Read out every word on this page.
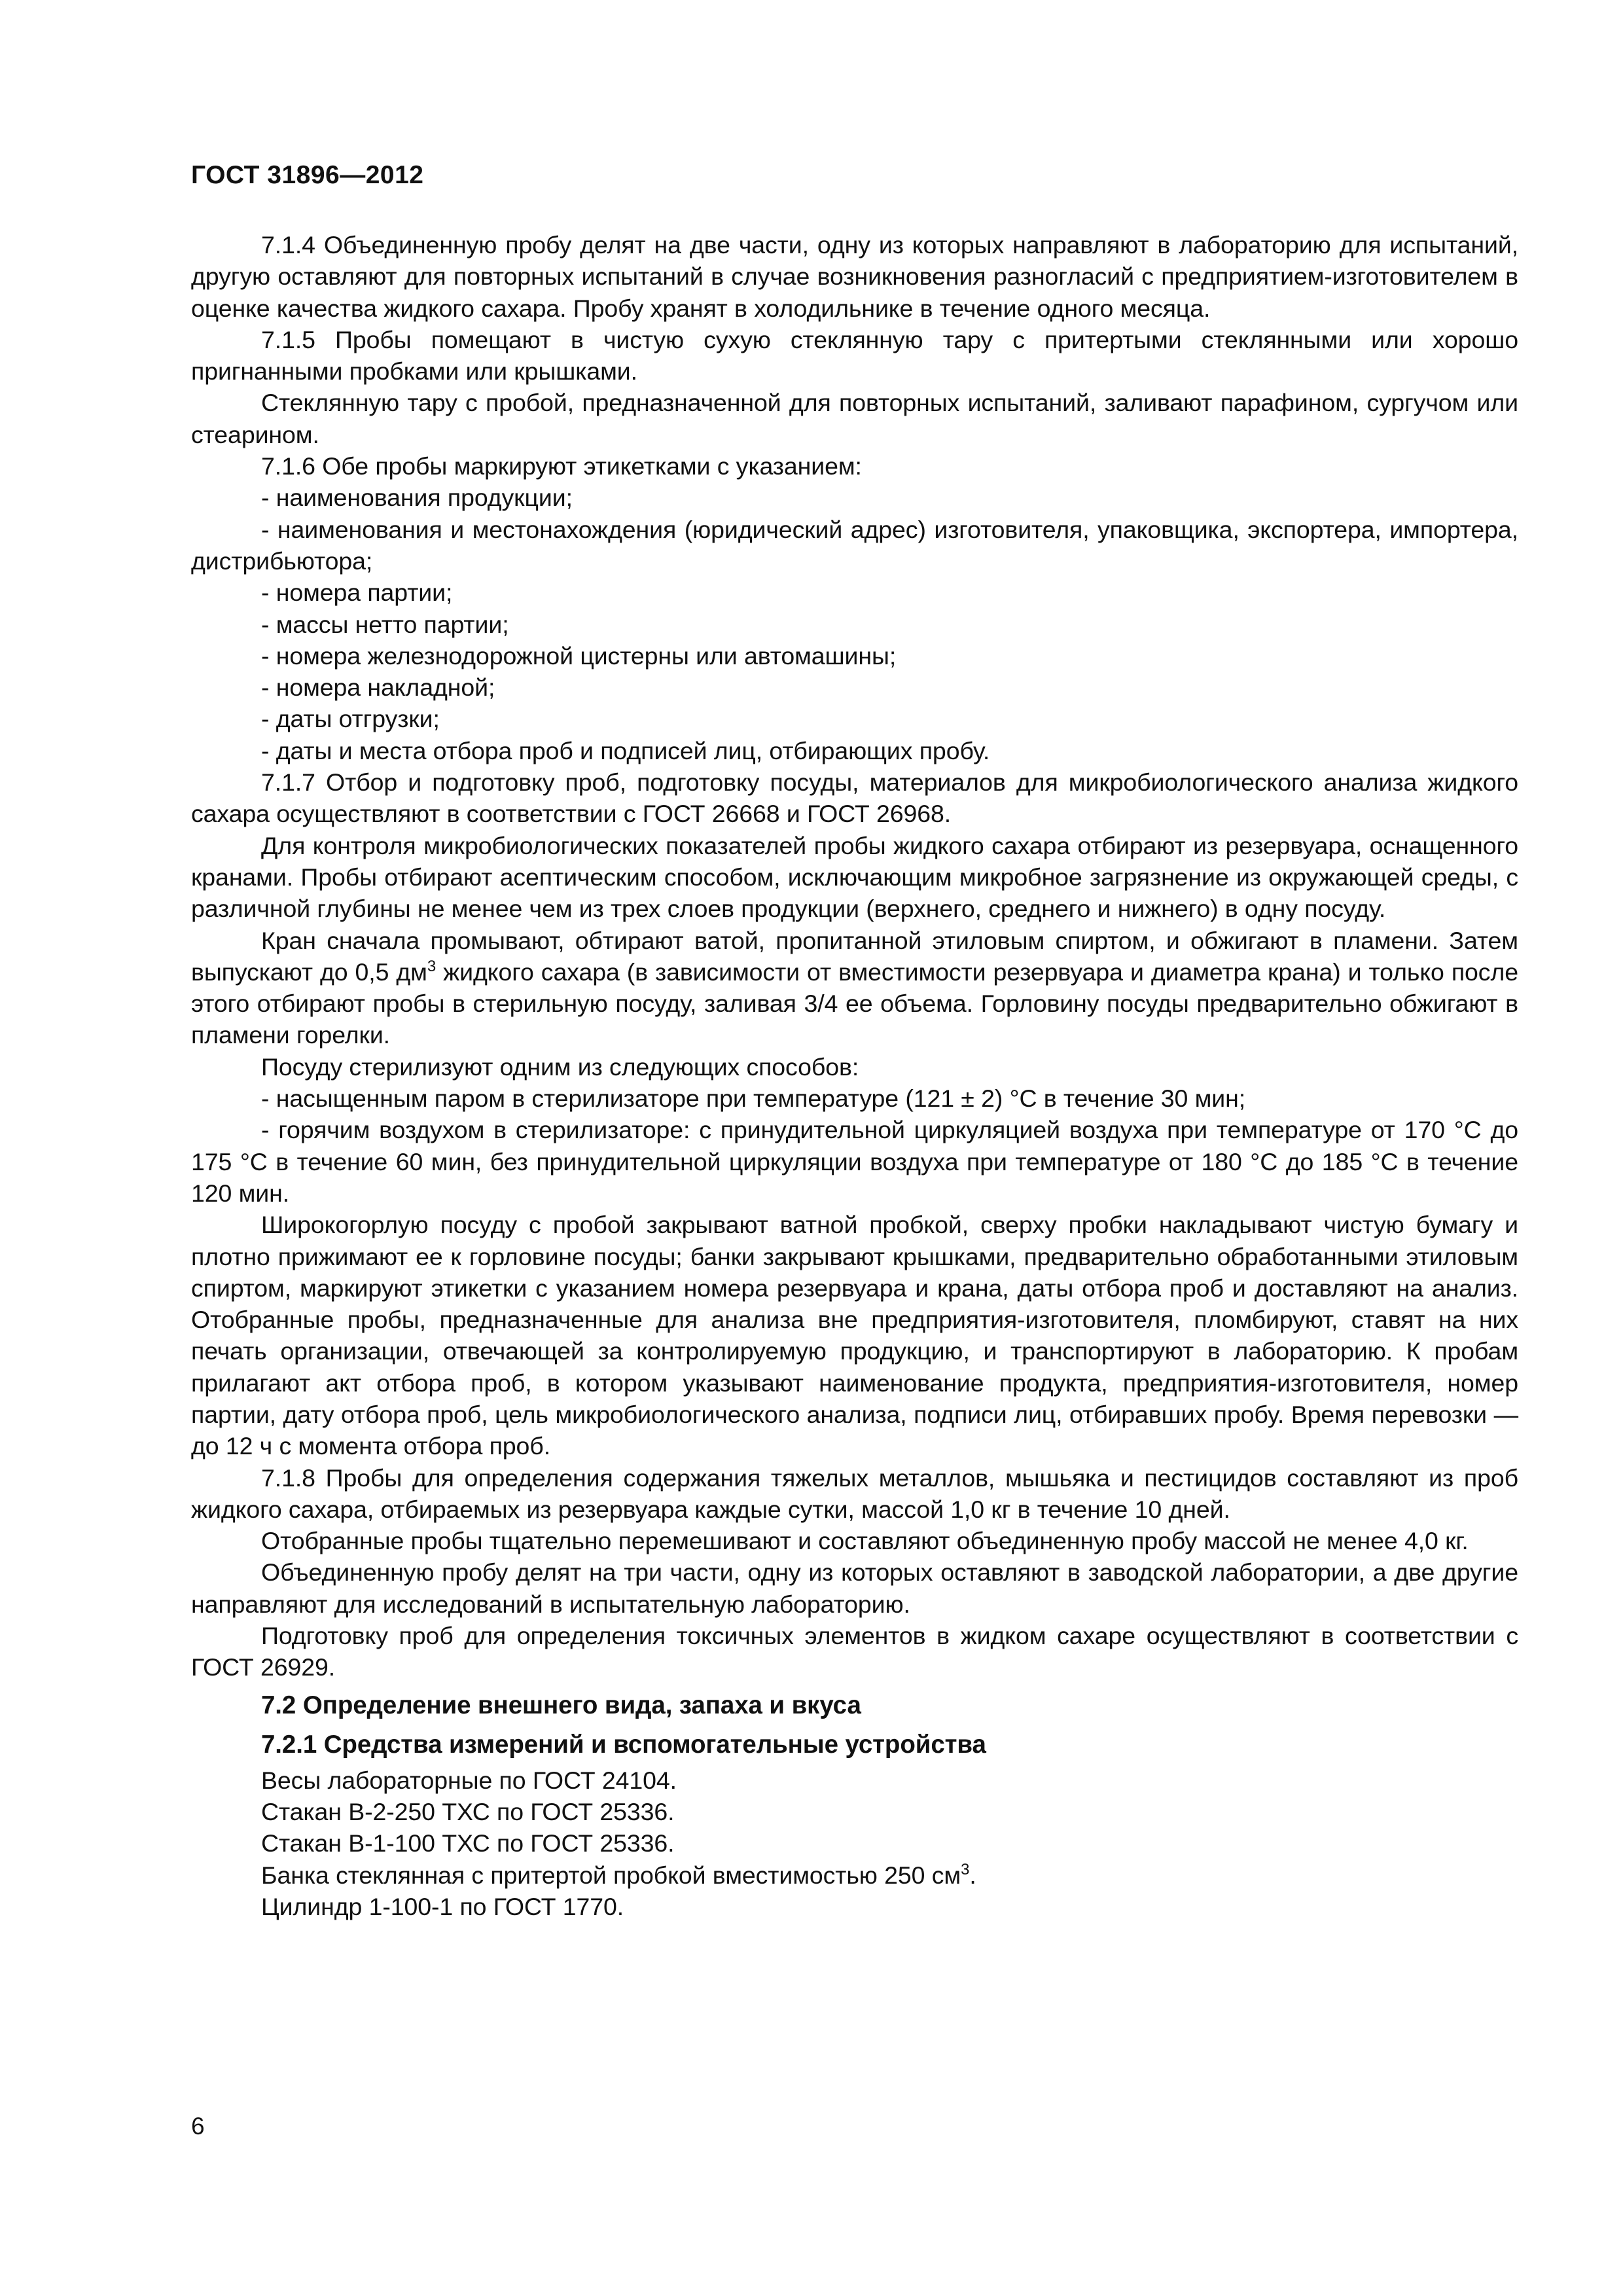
ГОСТ 31896—2012

7.1.4 Объединенную пробу делят на две части, одну из которых направляют в лабораторию для испытаний, другую оставляют для повторных испытаний в случае возникновения разногласий с предприятием-изготовителем в оценке качества жидкого сахара. Пробу хранят в холодильнике в течение одного месяца.

7.1.5 Пробы помещают в чистую сухую стеклянную тару с притертыми стеклянными или хорошо пригнанными пробками или крышками.

Стеклянную тару с пробой, предназначенной для повторных испытаний, заливают парафином, сургучом или стеарином.

7.1.6 Обе пробы маркируют этикетками с указанием:

- наименования продукции;

- наименования и местонахождения (юридический адрес) изготовителя, упаковщика, экспортера, импортера, дистрибьютора;

- номера партии;

- массы нетто партии;

- номера железнодорожной цистерны или автомашины;

- номера накладной;

- даты отгрузки;

- даты и места отбора проб и подписей лиц, отбирающих пробу.

7.1.7 Отбор и подготовку проб, подготовку посуды, материалов для микробиологического анализа жидкого сахара осуществляют в соответствии с ГОСТ 26668 и ГОСТ 26968.

Для контроля микробиологических показателей пробы жидкого сахара отбирают из резервуара, оснащенного кранами. Пробы отбирают асептическим способом, исключающим микробное загрязнение из окружающей среды, с различной глубины не менее чем из трех слоев продукции (верхнего, среднего и нижнего) в одну посуду.

Кран сначала промывают, обтирают ватой, пропитанной этиловым спиртом, и обжигают в пламени. Затем выпускают до 0,5 $дм^3$ жидкого сахара (в зависимости от вместимости резервуара и диаметра крана) и только после этого отбирают пробы в стерильную посуду, заливая 3/4 ее объема. Горловину посуды предварительно обжигают в пламени горелки.

Посуду стерилизуют одним из следующих способов:

- насыщенным паром в стерилизаторе при температуре (121 ± 2) °С в течение 30 мин;

- горячим воздухом в стерилизаторе: с принудительной циркуляцией воздуха при температуре от 170 °С до 175 °С в течение 60 мин, без принудительной циркуляции воздуха при температуре от 180 °С до 185 °С в течение 120 мин.

Широкогорлую посуду с пробой закрывают ватной пробкой, сверху пробки накладывают чистую бумагу и плотно прижимают ее к горловине посуды; банки закрывают крышками, предварительно обработанными этиловым спиртом, маркируют этикетки с указанием номера резервуара и крана, даты отбора проб и доставляют на анализ. Отобранные пробы, предназначенные для анализа вне предприятия-изготовителя, пломбируют, ставят на них печать организации, отвечающей за контролируемую продукцию, и транспортируют в лабораторию. К пробам прилагают акт отбора проб, в котором указывают наименование продукта, предприятия-изготовителя, номер партии, дату отбора проб, цель микробиологического анализа, подписи лиц, отбиравших пробу. Время перевозки — до 12 ч с момента отбора проб.

7.1.8 Пробы для определения содержания тяжелых металлов, мышьяка и пестицидов составляют из проб жидкого сахара, отбираемых из резервуара каждые сутки, массой 1,0 кг в течение 10 дней.

Отобранные пробы тщательно перемешивают и составляют объединенную пробу массой не менее 4,0 кг.

Объединенную пробу делят на три части, одну из которых оставляют в заводской лаборатории, а две другие направляют для исследований в испытательную лабораторию.

Подготовку проб для определения токсичных элементов в жидком сахаре осуществляют в соответствии с ГОСТ 26929.

7.2 Определение внешнего вида, запаха и вкуса

7.2.1 Средства измерений и вспомогательные устройства

Весы лабораторные по ГОСТ 24104.

Стакан В-2-250 ТХС по ГОСТ 25336.

Стакан В-1-100 ТХС по ГОСТ 25336.

Банка стеклянная с притертой пробкой вместимостью 250 $см^3$.

Цилиндр 1-100-1 по ГОСТ 1770.

6
